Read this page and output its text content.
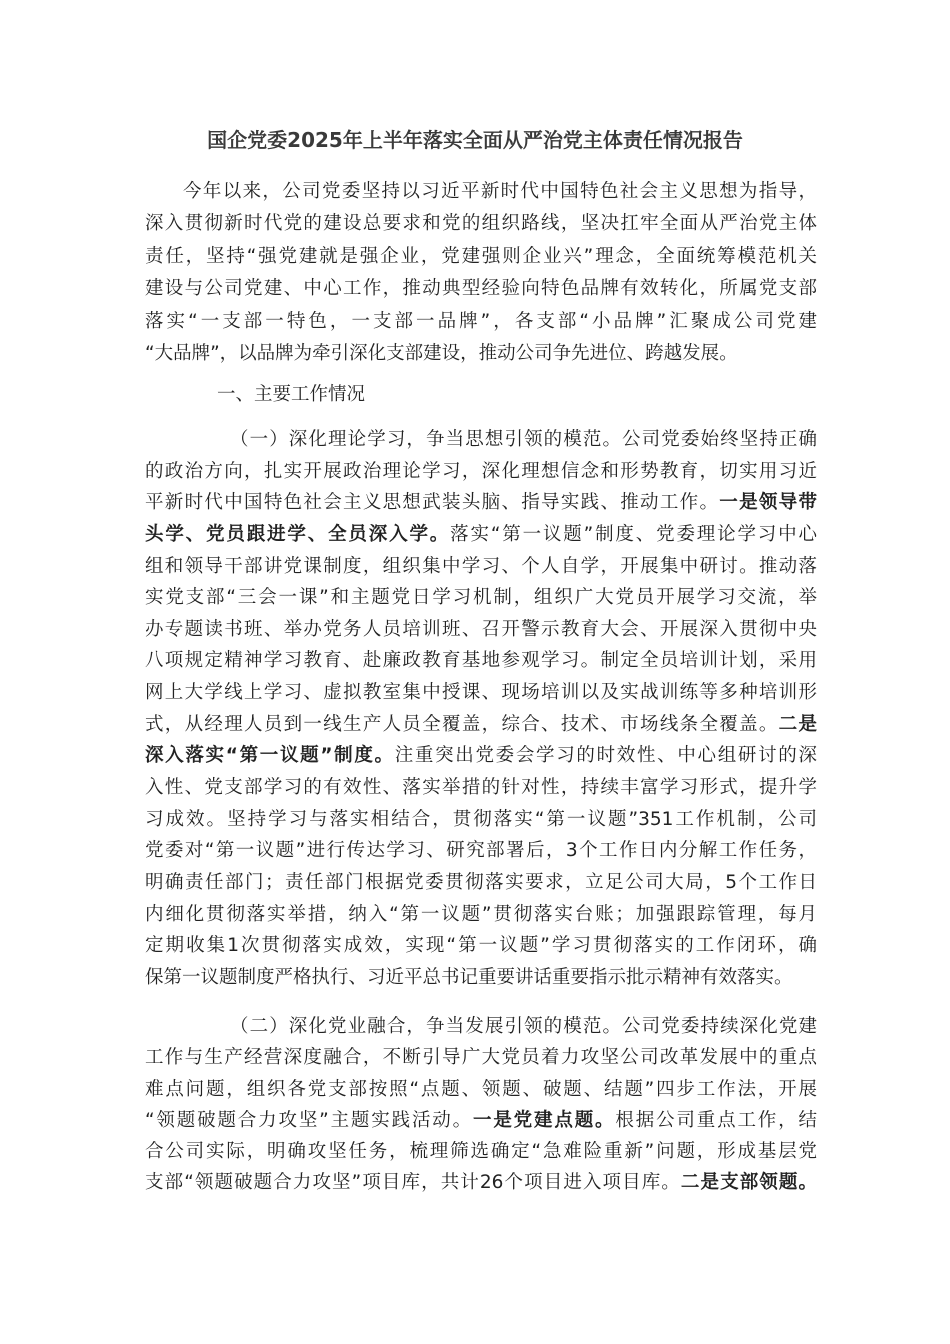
国企党委2025年上半年落实全面从严治党主体责任情况报告
今年以来，公司党委坚持以习近平新时代中国特色社会主义思想为指导，
深入贯彻新时代党的建设总要求和党的组织路线，坚决扛牢全面从严治党主体
责任，坚持“强党建就是强企业，党建强则企业兴”理念，全面统筹模范机关
建设与公司党建、中心工作，推动典型经验向特色品牌有效转化，所属党支部
落实“一支部一特色，一支部一品牌”，各支部“小品牌”汇聚成公司党建
“大品牌”，以品牌为牵引深化支部建设，推动公司争先进位、跨越发展。
一、主要工作情况
（一）深化理论学习，争当思想引领的模范。公司党委始终坚持正确
的政治方向，扎实开展政治理论学习，深化理想信念和形势教育，切实用习近
平新时代中国特色社会主义思想武装头脑、指导实践、推动工作。一是领导带
头学、党员跟进学、全员深入学。落实“第一议题”制度、党委理论学习中心
组和领导干部讲党课制度，组织集中学习、个人自学，开展集中研讨。推动落
实党支部“三会一课”和主题党日学习机制，组织广大党员开展学习交流，举
办专题读书班、举办党务人员培训班、召开警示教育大会、开展深入贯彻中央
八项规定精神学习教育、赴廉政教育基地参观学习。制定全员培训计划，采用
网上大学线上学习、虚拟教室集中授课、现场培训以及实战训练等多种培训形
式，从经理人员到一线生产人员全覆盖，综合、技术、市场线条全覆盖。二是
深入落实“第一议题”制度。注重突出党委会学习的时效性、中心组研讨的深
入性、党支部学习的有效性、落实举措的针对性，持续丰富学习形式，提升学
习成效。坚持学习与落实相结合，贯彻落实“第一议题”351工作机制，公司
党委对“第一议题”进行传达学习、研究部署后，3个工作日内分解工作任务，
明确责任部门；责任部门根据党委贯彻落实要求，立足公司大局，5个工作日
内细化贯彻落实举措，纳入“第一议题”贯彻落实台账；加强跟踪管理，每月
定期收集1次贯彻落实成效，实现“第一议题”学习贯彻落实的工作闭环，确
保第一议题制度严格执行、习近平总书记重要讲话重要指示批示精神有效落实。
（二）深化党业融合，争当发展引领的模范。公司党委持续深化党建
工作与生产经营深度融合，不断引导广大党员着力攻坚公司改革发展中的重点
难点问题，组织各党支部按照“点题、领题、破题、结题”四步工作法，开展
“领题破题合力攻坚”主题实践活动。一是党建点题。根据公司重点工作，结
合公司实际，明确攻坚任务，梳理筛选确定“急难险重新”问题，形成基层党
支部“领题破题合力攻坚”项目库，共计26个项目进入项目库。二是支部领题。
